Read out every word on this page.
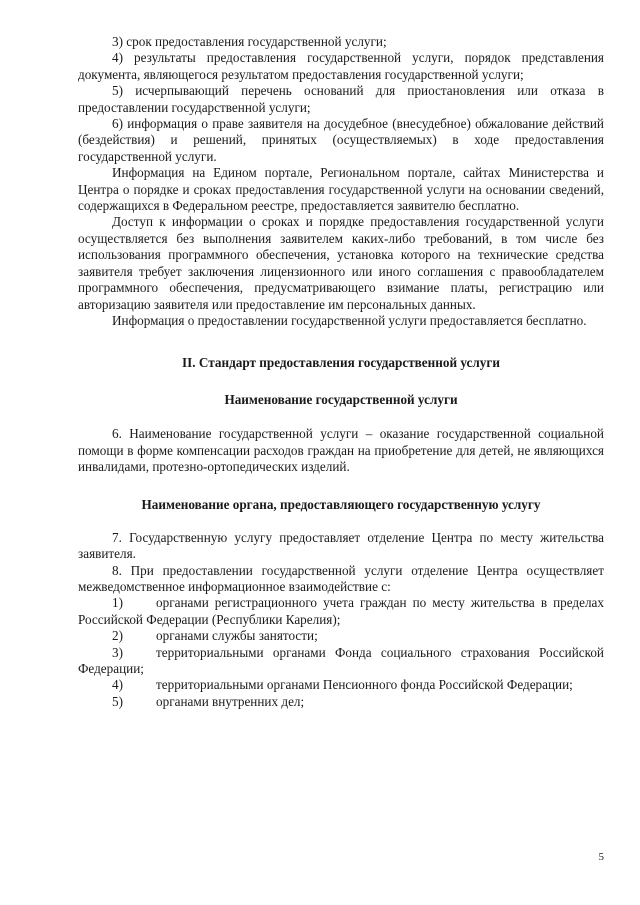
3) срок предоставления государственной услуги;

4) результаты предоставления государственной услуги, порядок представления документа, являющегося результатом предоставления государственной услуги;

5) исчерпывающий перечень оснований для приостановления или отказа в предоставлении государственной услуги;

6) информация о праве заявителя на досудебное (внесудебное) обжалование действий (бездействия) и решений, принятых (осуществляемых) в ходе предоставления государственной услуги.

Информация на Едином портале, Региональном портале, сайтах Министерства и Центра о порядке и сроках предоставления государственной услуги на основании сведений, содержащихся в Федеральном реестре, предоставляется заявителю бесплатно.

Доступ к информации о сроках и порядке предоставления государственной услуги осуществляется без выполнения заявителем каких-либо требований, в том числе без использования программного обеспечения, установка которого на технические средства заявителя требует заключения лицензионного или иного соглашения с правообладателем программного обеспечения, предусматривающего взимание платы, регистрацию или авторизацию заявителя или предоставление им персональных данных.

Информация о предоставлении государственной услуги предоставляется бесплатно.

II. Стандарт предоставления государственной услуги

Наименование государственной услуги

6. Наименование государственной услуги – оказание государственной социальной помощи в форме компенсации расходов граждан на приобретение для детей, не являющихся инвалидами, протезно-ортопедических изделий.

Наименование органа, предоставляющего государственную услугу

7. Государственную услугу предоставляет отделение Центра по месту жительства заявителя.

8. При предоставлении государственной услуги отделение Центра осуществляет межведомственное информационное взаимодействие с:

1)	органами регистрационного учета граждан по месту жительства в пределах Российской Федерации (Республики Карелия);

2)	органами службы занятости;

3)	территориальными органами Фонда социального страхования Российской Федерации;

4)	территориальными органами Пенсионного фонда Российской Федерации;

5)	органами внутренних дел;

5
